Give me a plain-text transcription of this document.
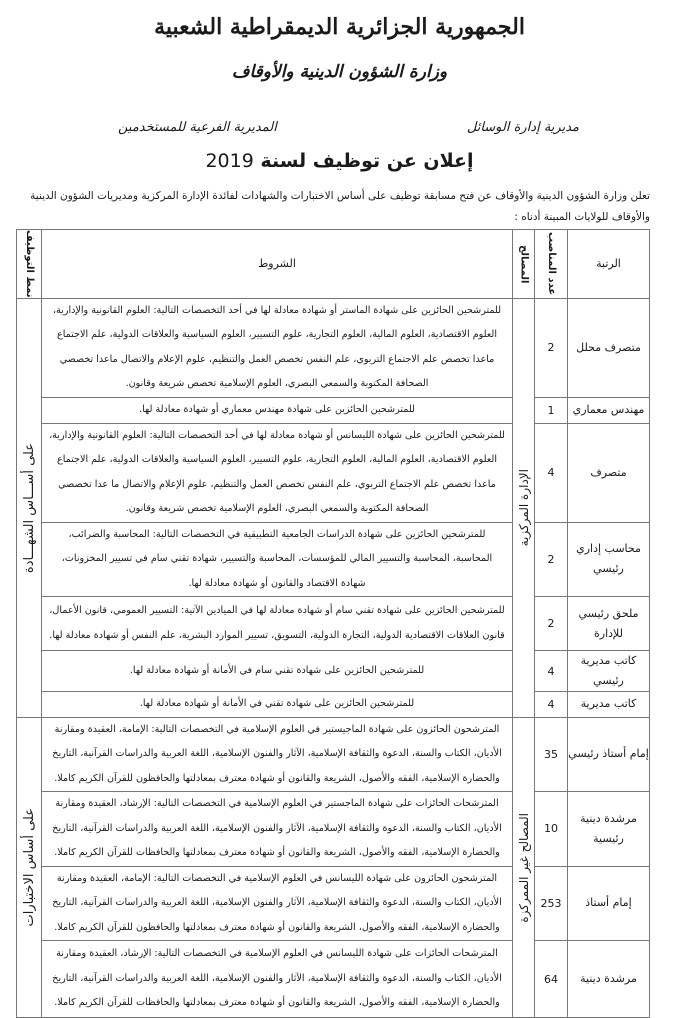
الجمهورية الجزائرية الديمقراطية الشعبية
وزارة الشؤون الدينية والأوقاف
مديرية إدارة الوسائل
المديرية الفرعية للمستخدمين
إعلان عن توظيف لسنة 2019
تعلن وزارة الشؤون الدينية والأوقاف عن فتح مسابقة توظيف على أساس الاختبارات والشهادات لفائدة الإدارة المركزية ومديريات الشؤون الدينية والأوقاف للولايات المبينة أدناه :
الرتبة	عدد المناصب	المصالح	الشروط	نمط التوظيف

متصرف محلل	2	الإدارة المركزية	للمترشحين الحائزين على شهادة الماستر أو شهادة معادلة لها في أحد التخصصات التالية: العلوم القانونية والإدارية، العلوم الاقتصادية، العلوم المالية، العلوم التجارية، علوم التسيير، العلوم السياسية والعلاقات الدولية، علم الاجتماع ماعدا تخصص علم الاجتماع التربوي، علم النفس تخصص العمل والتنظيم، علوم الإعلام والاتصال ماعدا تخصصي الصحافة المكتوبة والسمعي البصري، العلوم الإسلامية تخصص شريعة وقانون.	على أســـاس الشهـــادة

مهندس معماري	1		للمترشحين الحائزين على شهادة مهندس معماري أو شهادة معادلة لها.	
متصرف	4		للمترشحين الحائزين على شهادة الليسانس أو شهادة معادلة لها في أحد التخصصات التالية: العلوم القانونية والإدارية، العلوم الاقتصادية، العلوم المالية، العلوم التجارية، علوم التسيير، العلوم السياسية والعلاقات الدولية، علم الاجتماع ماعدا تخصص علم الاجتماع التربوي، علم النفس تخصص العمل والتنظيم، علوم الإعلام والاتصال ما عدا تخصصي الصحافة المكتوبة والسمعي البصري، العلوم الإسلامية تخصص شريعة وقانون.	
محاسب إداري رئيسي	2		للمترشحين الحائزين على شهادة الدراسات الجامعية التطبيقية في التخصصات التالية: المحاسبة والضرائب، المحاسبة، المحاسبة والتسيير المالي للمؤسسات، المحاسبة والتسيير، شهادة تقني سام في تسيير المخزونات، شهادة الاقتصاد والقانون أو شهادة معادلة لها.	
ملحق رئيسي للإدارة	2		للمترشحين الحائزين على شهادة تقني سام أو شهادة معادلة لها في الميادين الآتية: التسيير العمومي، قانون الأعمال، قانون العلاقات الاقتصادية الدولية، التجارة الدولية، التسويق، تسيير الموارد البشرية، علم النفس أو شهادة معادلة لها.	
كاتب مديرية رئيسي	4		للمترشحين الحائزين على شهادة تقني سام في الأمانة أو شهادة معادلة لها.	
كاتب مديرية	4		للمترشحين الحائزين على شهادة تقني في الأمانة أو شهادة معادلة لها.	
إمام أستاذ رئيسي	35	المصالح غير الممركزة	المترشحون الحائزون على شهادة الماجيستير في العلوم الإسلامية في التخصصات التالية: الإمامة، العقيدة ومقارنة الأديان، الكتاب والسنة، الدعوة والثقافة الإسلامية، الآثار والفنون الإسلامية، اللغة العربية والدراسات القرآنية، التاريخ والحضارة الإسلامية، الفقه والأصول، الشريعة والقانون أو شهادة معترف بمعادلتها والحافظون للقرآن الكريم كاملا.	على أساس الاختبارات

مرشدة دينية رئيسية	10		المترشحات الحائزات على شهادة الماجستير في العلوم الإسلامية في التخصصات التالية: الإرشاد، العقيدة ومقارنة الأديان، الكتاب والسنة، الدعوة والثقافة الإسلامية، الآثار والفنون الإسلامية، اللغة العربية والدراسات القرآنية، التاريخ والحضارة الإسلامية، الفقه والأصول، الشريعة والقانون أو شهادة معترف بمعادلتها والحافظات للقرآن الكريم كاملا.	
إمام أستاذ	253		المترشحون الحائزون على شهادة الليسانس في العلوم الإسلامية في التخصصات التالية: الإمامة، العقيدة ومقارنة الأديان، الكتاب والسنة، الدعوة والثقافة الإسلامية، الآثار والفنون الإسلامية، اللغة العربية والدراسات القرآنية، التاريخ والحضارة الإسلامية، الفقه والأصول، الشريعة والقانون أو شهادة معترف بمعادلتها والحافظون للقرآن الكريم كاملا.	
مرشدة دينية	64		المترشحات الحائزات على شهادة الليسانس في العلوم الإسلامية في التخصصات التالية: الإرشاد، العقيدة ومقارنة الأديان، الكتاب والسنة، الدعوة والثقافة الإسلامية، الآثار والفنون الإسلامية، اللغة العربية والدراسات القرآنية، التاريخ والحضارة الإسلامية، الفقه والأصول، الشريعة والقانون أو شهادة معترف بمعادلتها والحافظات للقرآن الكريم كاملا.	
